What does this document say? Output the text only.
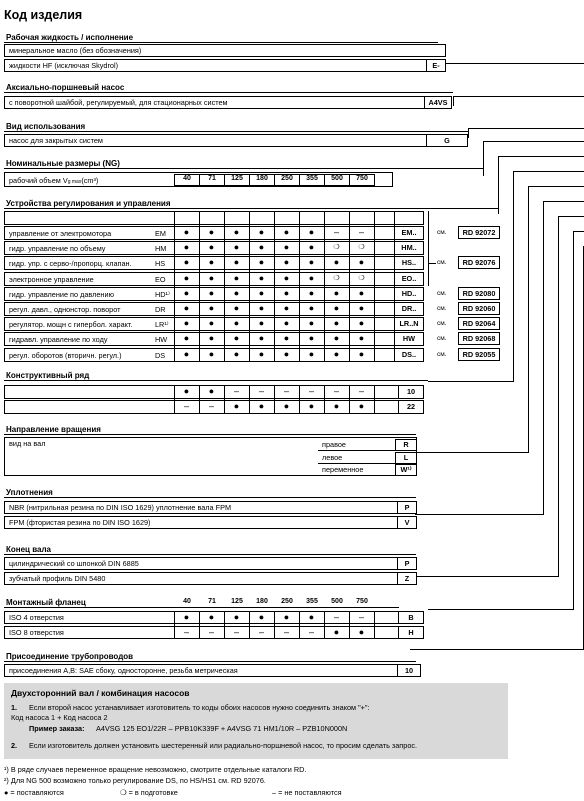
Код изделия
Рабочая жидкость / исполнение
минеральное масло (без обозначения)
жидкости HF (исключая Skydrol)	E-
Аксиально-поршневый насос
с поворотной шайбой, регулируемый, для стационарных систем	A4VS
Вид использования
насос для закрытых систем	G
Номинальные размеры (NG)
рабочий объем Vg max(cm³)
Устройства регулирования и управления
Конструктивный ряд
Направление вращения
вид на вал
Уплотнения
NBR (нитрильная резина по DIN ISO 1629) уплотнение вала FPM	P
FPM (фтористая резина по DIN ISO 1629)	V
Конец вала
цилиндрический со шпонкой DIN 6885	P
зубчатый профиль DIN 5480	Z
Монтажный фланец
Присоединение трубопроводов
присоединения A,B: SAE сбоку, односторонне, резьба метрическая	10
Двухсторонний вал / комбинация насосов
1. Если второй насос устанавливает изготовитель то коды обоих насосов нужно соединить знаком "+":
Код насоса 1 + Код насоса 2
Пример заказа: A4VSG 125 EO1/22R – PPB10K339F + A4VSG 71 HM1/10R – PZB10N000N
2. Если изготовитель должен установить шестеренный или радиально-поршневой насос, то просим сделать запрос.
¹) В ряде случаев переменное вращение невозможно, смотрите отдельные каталоги RD.
²) Для NG 500 возможно только регулирование DS, по HS/HS1 см. RD 92076.
● = поставляются	❍ = в подготовке	– = не поставляются
40	71	125	180	250	355	500	750
управление от электромотора	EM	●	●	●	●	●	●	–	–	EM..	см.	RD 92072
гидр. управление по объему	HM	●	●	●	●	●	●	❍	❍	HM..
гидр. упр. с серво-/пропорц. клапан.	HS	●	●	●	●	●	●	●	●	HS..	см.	RD 92076
электронное управление	EO	●	●	●	●	●	●	❍	❍	EO..
гидр. управление по давлению	HD¹⁾	●	●	●	●	●	●	●	●	HD..	см.	RD 92080
регул. давл., однонстор. поворот	DR	●	●	●	●	●	●	●	●	DR..	см.	RD 92060
регулятор. мощн с гипербол. характ.	LR¹⁾	●	●	●	●	●	●	●	●	LR..N	см.	RD 92064
гидравл. управление по ходу	HW	●	●	●	●	●	●	●	●	HW	см.	RD 92068
регул. оборотов (вторичн. регул.)	DS	●	●	●	●	●	●	●	●	DS..	см.	RD 92055
●	●	–	–	–	–	–	–	10
–	–	●	●	●	●	●	●	22
правое	R
левое	L
переменное	W¹⁾
40	71	125	180	250	355	500	750
ISO 4 отверстия	●	●	●	●	●	●	–	–	B
ISO 8 отверстия	–	–	–	–	–	–	●	●	H
